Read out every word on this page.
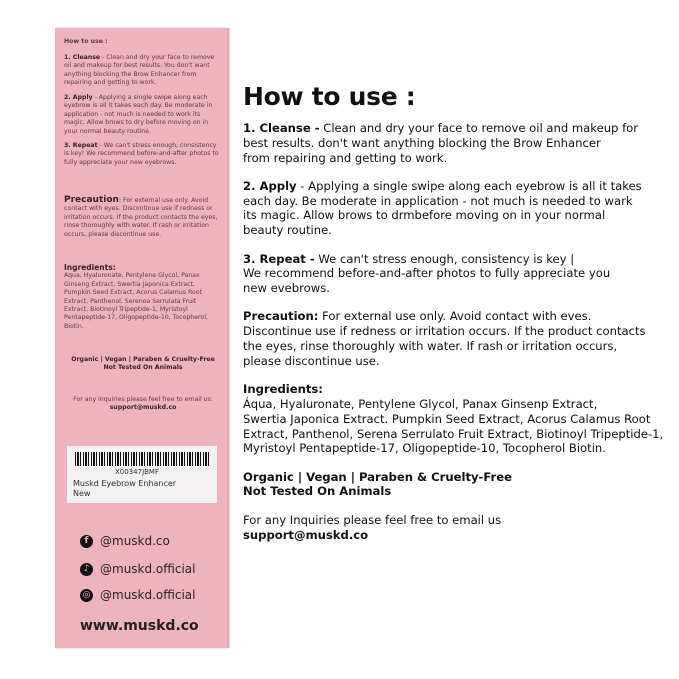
How to use :
1. Cleanse - Clean and dry your face to remove oil and makeup for best results. You don't want anything blocking the Brow Enhancer from repairing and getting to work.
2. Apply - Applying a single swipe along each eyebrow is all it takes each day. Be moderate in application - not much is needed to work its magic. Allow brows to dry before moving on in your normal beauty routine.
3. Repeat - We can't stress enough, consistency is key! We recommend before-and-after photos to fully appreciate your new eyebrows.
Precaution: For external use only. Avoid contact with eyes. Discontinue use if redness or irritation occurs. If the product contacts the eyes, rinse thoroughly with water. If rash or irritation occurs, please discontinue use.
Ingredients:
Aqua, Hyaluronate, Pentylene Glycol, Panax Ginseng Extract, Swertia Japonica Extract, Pumpkin Seed Extract, Acorus Calamus Root Extract, Panthenol, Serenoa Serrulata Fruit Extract, Biotinoyl Tripeptide-1, Myristoyl Pentapeptide-17, Oligopeptide-10, Tocopherol, Biotin.
Organic | Vegan | Paraben & Cruelty-Free
Not Tested On Animals
For any inquiries please feel free to email us:
support@muskd.co
X00347JBMF
Muskd Eyebrow Enhancer
New
f @muskd.co
♪ @muskd.official
◎ @muskd.official
www.muskd.co
How to use :
1. Cleanse - Clean and dry your face to remove oil and makeup for
best results. don't want anything blocking the Brow Enhancer
from repairing and getting to work.
2. Apply - Applying a single swipe along each eyebrow is all it takes
each day. Be moderate in application - not much is needed to wark
its magic. Allow brows to drmbefore moving on in your normal
beauty routine.
3. Repeat - We can't stress enough, consistency is key |
We recommend before-and-after photos to fully appreciate you
new evebrows.
Precaution: For external use only. Avoid contact with eves.
Discontinue use if redness or irritation occurs. If the product contacts
the eyes, rinse thoroughly with water. If rash or irritation occurs,
please discontinue use.
Ingredients:
Áqua, Hyaluronate, Pentylene Glycol, Panax Ginsenp Extract,
Swertia Japonica Extract. Pumpkin Seed Extract, Acorus Calamus Root
Extract, Panthenol, Serena Serrulato Fruit Extract, Biotinoyl Tripeptide-1,
Myristoyl Pentapeptide-17, Oligopeptide-10, Tocopherol Biotin.
Organic | Vegan | Paraben & Cruelty-Free
Not Tested On Animals
For any Inquiries please feel free to email us
support@muskd.co
